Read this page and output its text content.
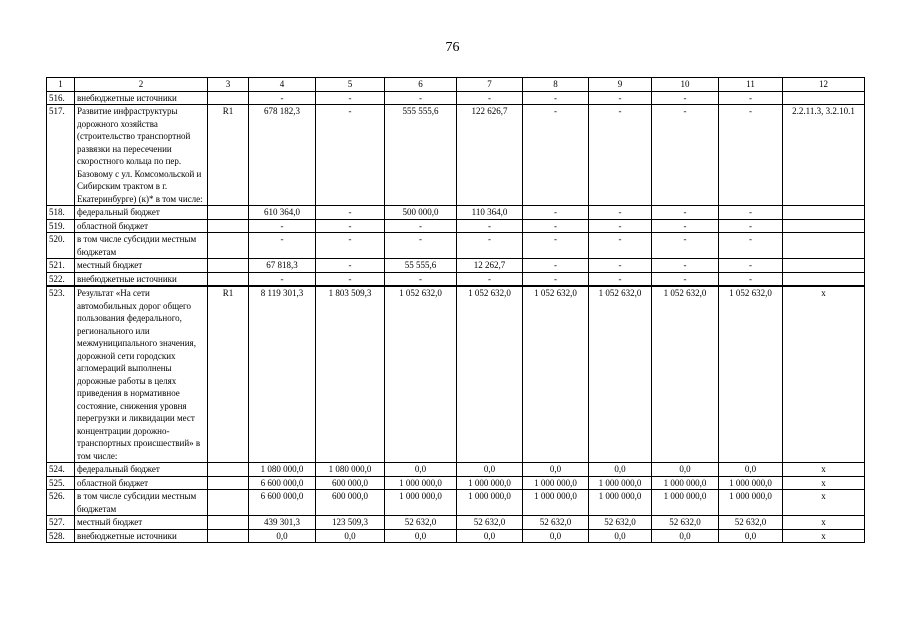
76
1	2	3	4	5	6	7	8	9	10	11	12
516.	внебюджетные источники		-	-	-	-	-	-	-	-	
517.	Развитие инфраструктуры дорожного хозяйства (строительство транспортной развязки на пересечении скоростного кольца по пер. Базовому с ул. Комсомольской и Сибирским трактом в г. Екатеринбурге) (к)* в том числе:	R1	678 182,3	-	555 555,6	122 626,7	-	-	-	-	2.2.11.3, 3.2.10.1
518.	федеральный бюджет		610 364,0	-	500 000,0	110 364,0	-	-	-	-	
519.	областной бюджет		-	-	-	-	-	-	-	-	
520.	в том числе субсидии местным бюджетам		-	-	-	-	-	-	-	-	
521.	местный бюджет		67 818,3	-	55 555,6	12 262,7	-	-	-	-	
522.	внебюджетные источники		-	-	-	-	-	-	-	-	
523.	Результат «На сети автомобильных дорог общего пользования федерального, регионального или межмуниципального значения, дорожной сети городских агломераций выполнены дорожные работы в целях приведения в нормативное состояние, снижения уровня перегрузки и ликвидации мест концентрации дорожно-транспортных происшествий» в том числе:	R1	8 119 301,3	1 803 509,3	1 052 632,0	1 052 632,0	1 052 632,0	1 052 632,0	1 052 632,0	1 052 632,0	x
524.	федеральный бюджет		1 080 000,0	1 080 000,0	0,0	0,0	0,0	0,0	0,0	0,0	x
525.	областной бюджет		6 600 000,0	600 000,0	1 000 000,0	1 000 000,0	1 000 000,0	1 000 000,0	1 000 000,0	1 000 000,0	x
526.	в том числе субсидии местным бюджетам		6 600 000,0	600 000,0	1 000 000,0	1 000 000,0	1 000 000,0	1 000 000,0	1 000 000,0	1 000 000,0	x
527.	местный бюджет		439 301,3	123 509,3	52 632,0	52 632,0	52 632,0	52 632,0	52 632,0	52 632,0	x
528.	внебюджетные источники		0,0	0,0	0,0	0,0	0,0	0,0	0,0	0,0	x
